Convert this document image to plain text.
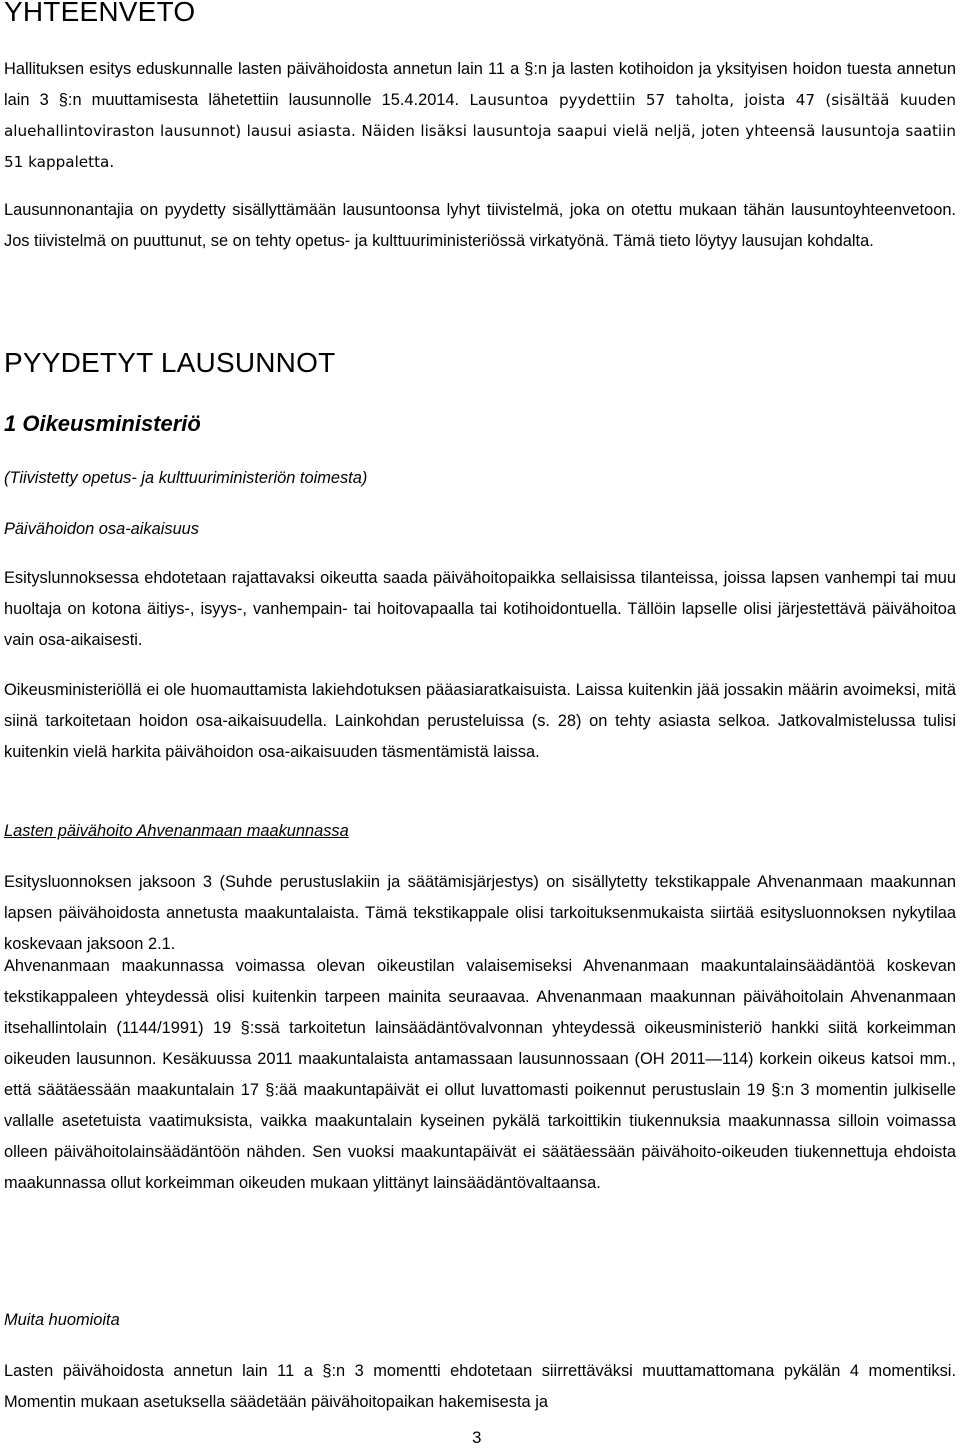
YHTEENVETO

Hallituksen esitys eduskunnalle lasten päivähoidosta annetun lain 11 a §:n ja lasten kotihoidon ja yksityisen hoidon tuesta annetun lain 3 §:n muuttamisesta lähetettiin lausunnolle 15.4.2014. Lausuntoa pyydettiin 57 taholta, joista 47 (sisältää kuuden aluehallintoviraston lausunnot) lausui asiasta. Näiden lisäksi lausuntoja saapui vielä neljä, joten yhteensä lausuntoja saatiin 51 kappaletta.

Lausunnonantajia on pyydetty sisällyttämään lausuntoonsa lyhyt tiivistelmä, joka on otettu mukaan tähän lausuntoyhteenvetoon. Jos tiivistelmä on puuttunut, se on tehty opetus- ja kulttuuriministeriössä virkatyönä. Tämä tieto löytyy lausujan kohdalta.

PYYDETYT LAUSUNNOT
1 Oikeusministeriö

(Tiivistetty opetus- ja kulttuuriministeriön toimesta)

Päivähoidon osa-aikaisuus

Esityslunnoksessa ehdotetaan rajattavaksi oikeutta saada päivähoitopaikka sellaisissa tilanteissa, joissa lapsen vanhempi tai muu huoltaja on kotona äitiys-, isyys-, vanhempain- tai hoitovapaalla tai kotihoidontuella. Tällöin lapselle olisi järjestettävä päivähoitoa vain osa-aikaisesti.

Oikeusministeriöllä ei ole huomauttamista lakiehdotuksen pääasiaratkaisuista. Laissa kuitenkin jää jossakin määrin avoimeksi, mitä siinä tarkoitetaan hoidon osa-aikaisuudella. Lainkohdan perusteluissa (s. 28) on tehty asiasta selkoa. Jatkovalmistelussa tulisi kuitenkin vielä harkita päivähoidon osa-aikaisuuden täsmentämistä laissa.

Lasten päivähoito Ahvenanmaan maakunnassa

Esitysluonnoksen jaksoon 3 (Suhde perustuslakiin ja säätämisjärjestys) on sisällytetty tekstikappale Ahvenanmaan maakunnan lapsen päivähoidosta annetusta maakuntalaista. Tämä tekstikappale olisi tarkoituksenmukaista siirtää esitysluonnoksen nykytilaa koskevaan jaksoon 2.1.

Ahvenanmaan maakunnassa voimassa olevan oikeustilan valaisemiseksi Ahvenanmaan maakuntalainsäädäntöä koskevan tekstikappaleen yhteydessä olisi kuitenkin tarpeen mainita seuraavaa. Ahvenanmaan maakunnan päivähoitolain Ahvenanmaan itsehallintolain (1144/1991) 19 §:ssä tarkoitetun lainsäädäntövalvonnan yhteydessä oikeusministeriö hankki siitä korkeimman oikeuden lausunnon. Kesäkuussa 2011 maakuntalaista antamassaan lausunnossaan (OH 2011—114) korkein oikeus katsoi mm., että säätäessään maakuntalain 17 §:ää maakuntapäivät ei ollut luvattomasti poikennut perustuslain 19 §:n 3 momentin julkiselle vallalle asetetuista vaatimuksista, vaikka maakuntalain kyseinen pykälä tarkoittikin tiukennuksia maakunnassa silloin voimassa olleen päivähoitolainsäädäntöön nähden. Sen vuoksi maakuntapäivät ei säätäessään päivähoito-oikeuden tiukennettuja ehdoista maakunnassa ollut korkeimman oikeuden mukaan ylittänyt lainsäädäntövaltaansa.

Muita huomioita

Lasten päivähoidosta annetun lain 11 a §:n 3 momentti ehdotetaan siirrettäväksi muuttamattomana pykälän 4 momentiksi. Momentin mukaan asetuksella säädetään päivähoitopaikan hakemisesta ja

3
